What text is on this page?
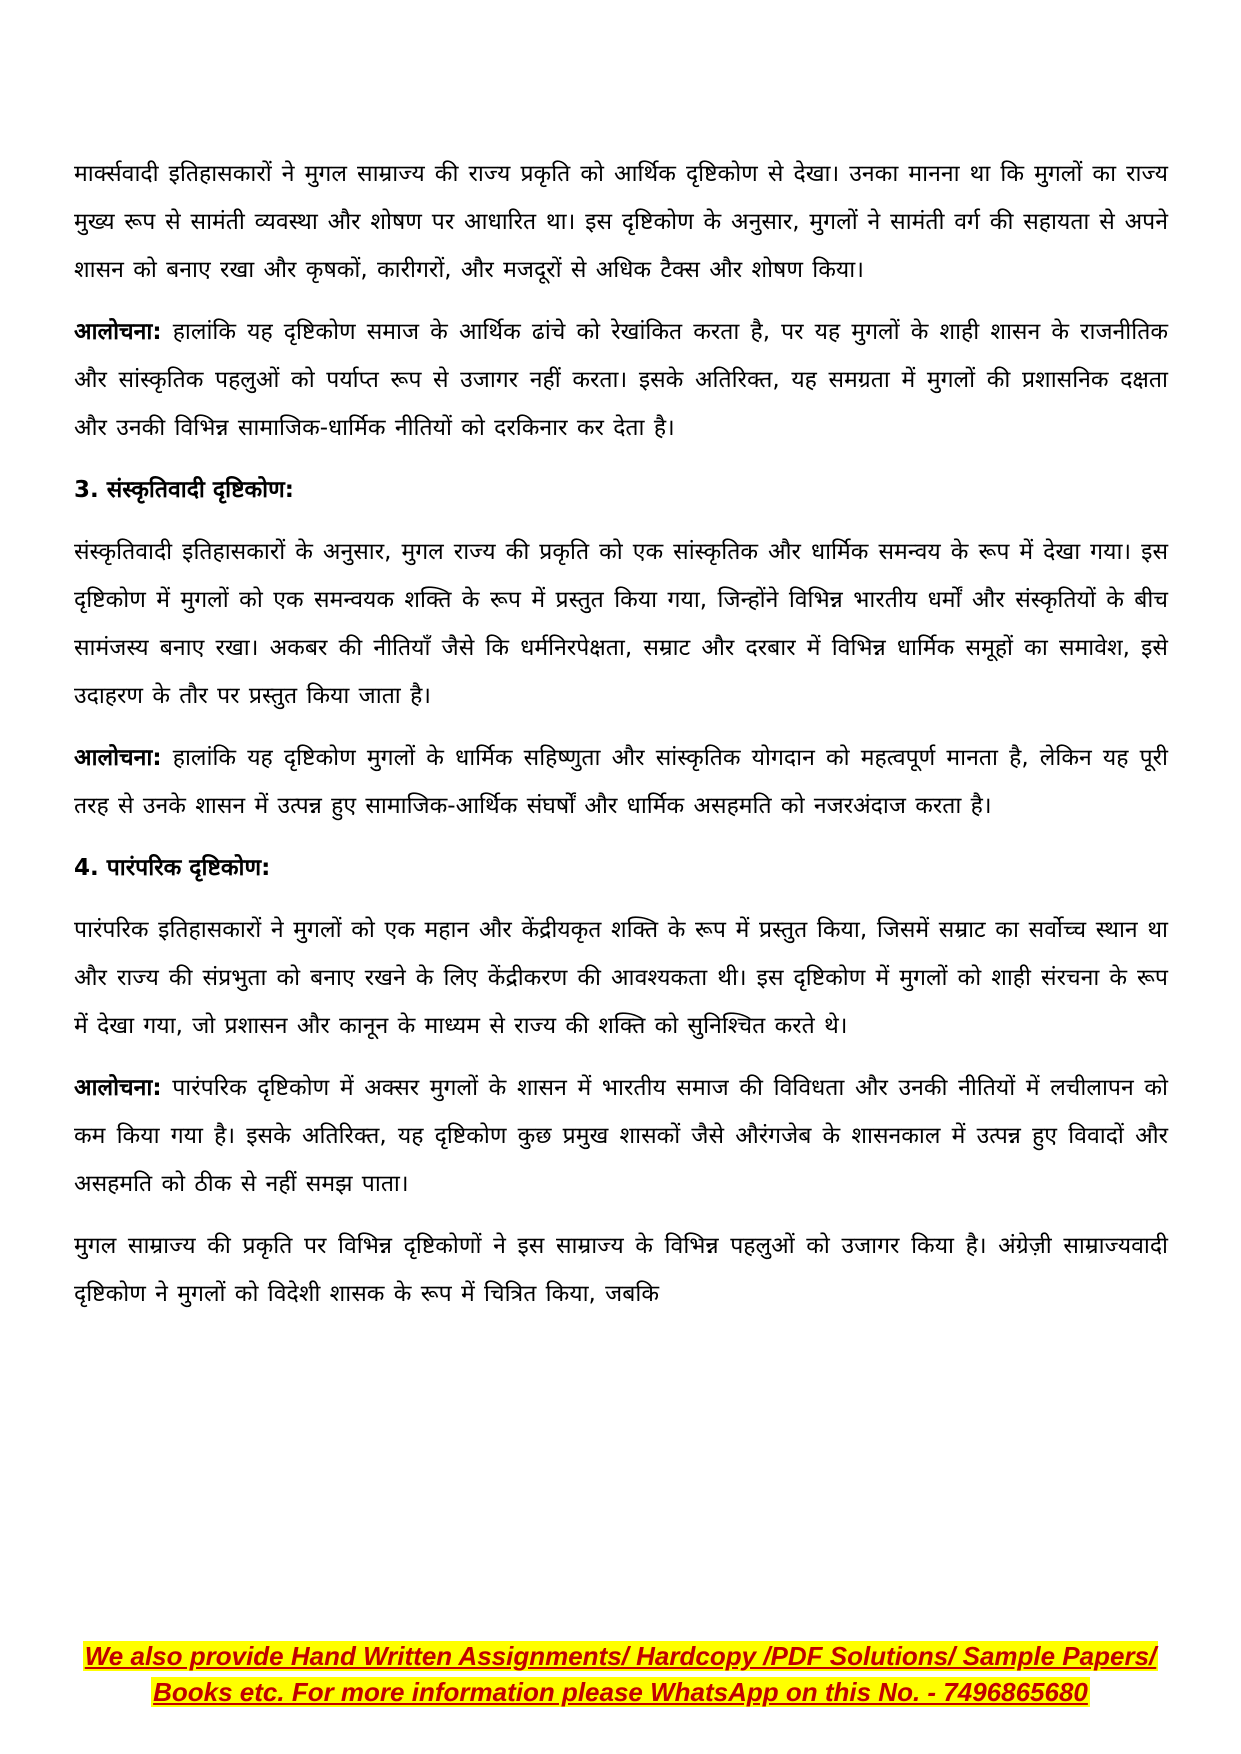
मार्क्सवादी इतिहासकारों ने मुगल साम्राज्य की राज्य प्रकृति को आर्थिक दृष्टिकोण से देखा। उनका मानना था कि मुगलों का राज्य मुख्य रूप से सामंती व्यवस्था और शोषण पर आधारित था। इस दृष्टिकोण के अनुसार, मुगलों ने सामंती वर्ग की सहायता से अपने शासन को बनाए रखा और कृषकों, कारीगरों, और मजदूरों से अधिक टैक्स और शोषण किया।

आलोचना: हालांकि यह दृष्टिकोण समाज के आर्थिक ढांचे को रेखांकित करता है, पर यह मुगलों के शाही शासन के राजनीतिक और सांस्कृतिक पहलुओं को पर्याप्त रूप से उजागर नहीं करता। इसके अतिरिक्त, यह समग्रता में मुगलों की प्रशासनिक दक्षता और उनकी विभिन्न सामाजिक-धार्मिक नीतियों को दरकिनार कर देता है।

3. संस्कृतिवादी दृष्टिकोण:

संस्कृतिवादी इतिहासकारों के अनुसार, मुगल राज्य की प्रकृति को एक सांस्कृतिक और धार्मिक समन्वय के रूप में देखा गया। इस दृष्टिकोण में मुगलों को एक समन्वयक शक्ति के रूप में प्रस्तुत किया गया, जिन्होंने विभिन्न भारतीय धर्मों और संस्कृतियों के बीच सामंजस्य बनाए रखा। अकबर की नीतियाँ जैसे कि धर्मनिरपेक्षता, सम्राट और दरबार में विभिन्न धार्मिक समूहों का समावेश, इसे उदाहरण के तौर पर प्रस्तुत किया जाता है।

आलोचना: हालांकि यह दृष्टिकोण मुगलों के धार्मिक सहिष्णुता और सांस्कृतिक योगदान को महत्वपूर्ण मानता है, लेकिन यह पूरी तरह से उनके शासन में उत्पन्न हुए सामाजिक-आर्थिक संघर्षों और धार्मिक असहमति को नजरअंदाज करता है।

4. पारंपरिक दृष्टिकोण:

पारंपरिक इतिहासकारों ने मुगलों को एक महान और केंद्रीयकृत शक्ति के रूप में प्रस्तुत किया, जिसमें सम्राट का सर्वोच्च स्थान था और राज्य की संप्रभुता को बनाए रखने के लिए केंद्रीकरण की आवश्यकता थी। इस दृष्टिकोण में मुगलों को शाही संरचना के रूप में देखा गया, जो प्रशासन और कानून के माध्यम से राज्य की शक्ति को सुनिश्चित करते थे।

आलोचना: पारंपरिक दृष्टिकोण में अक्सर मुगलों के शासन में भारतीय समाज की विविधता और उनकी नीतियों में लचीलापन को कम किया गया है। इसके अतिरिक्त, यह दृष्टिकोण कुछ प्रमुख शासकों जैसे औरंगजेब के शासनकाल में उत्पन्न हुए विवादों और असहमति को ठीक से नहीं समझ पाता।

मुगल साम्राज्य की प्रकृति पर विभिन्न दृष्टिकोणों ने इस साम्राज्य के विभिन्न पहलुओं को उजागर किया है। अंग्रेज़ी साम्राज्यवादी दृष्टिकोण ने मुगलों को विदेशी शासक के रूप में चित्रित किया, जबकि

We also provide Hand Written Assignments/ Hardcopy /PDF Solutions/ Sample Papers/
Books etc. For more information please WhatsApp on this No. - 7496865680
